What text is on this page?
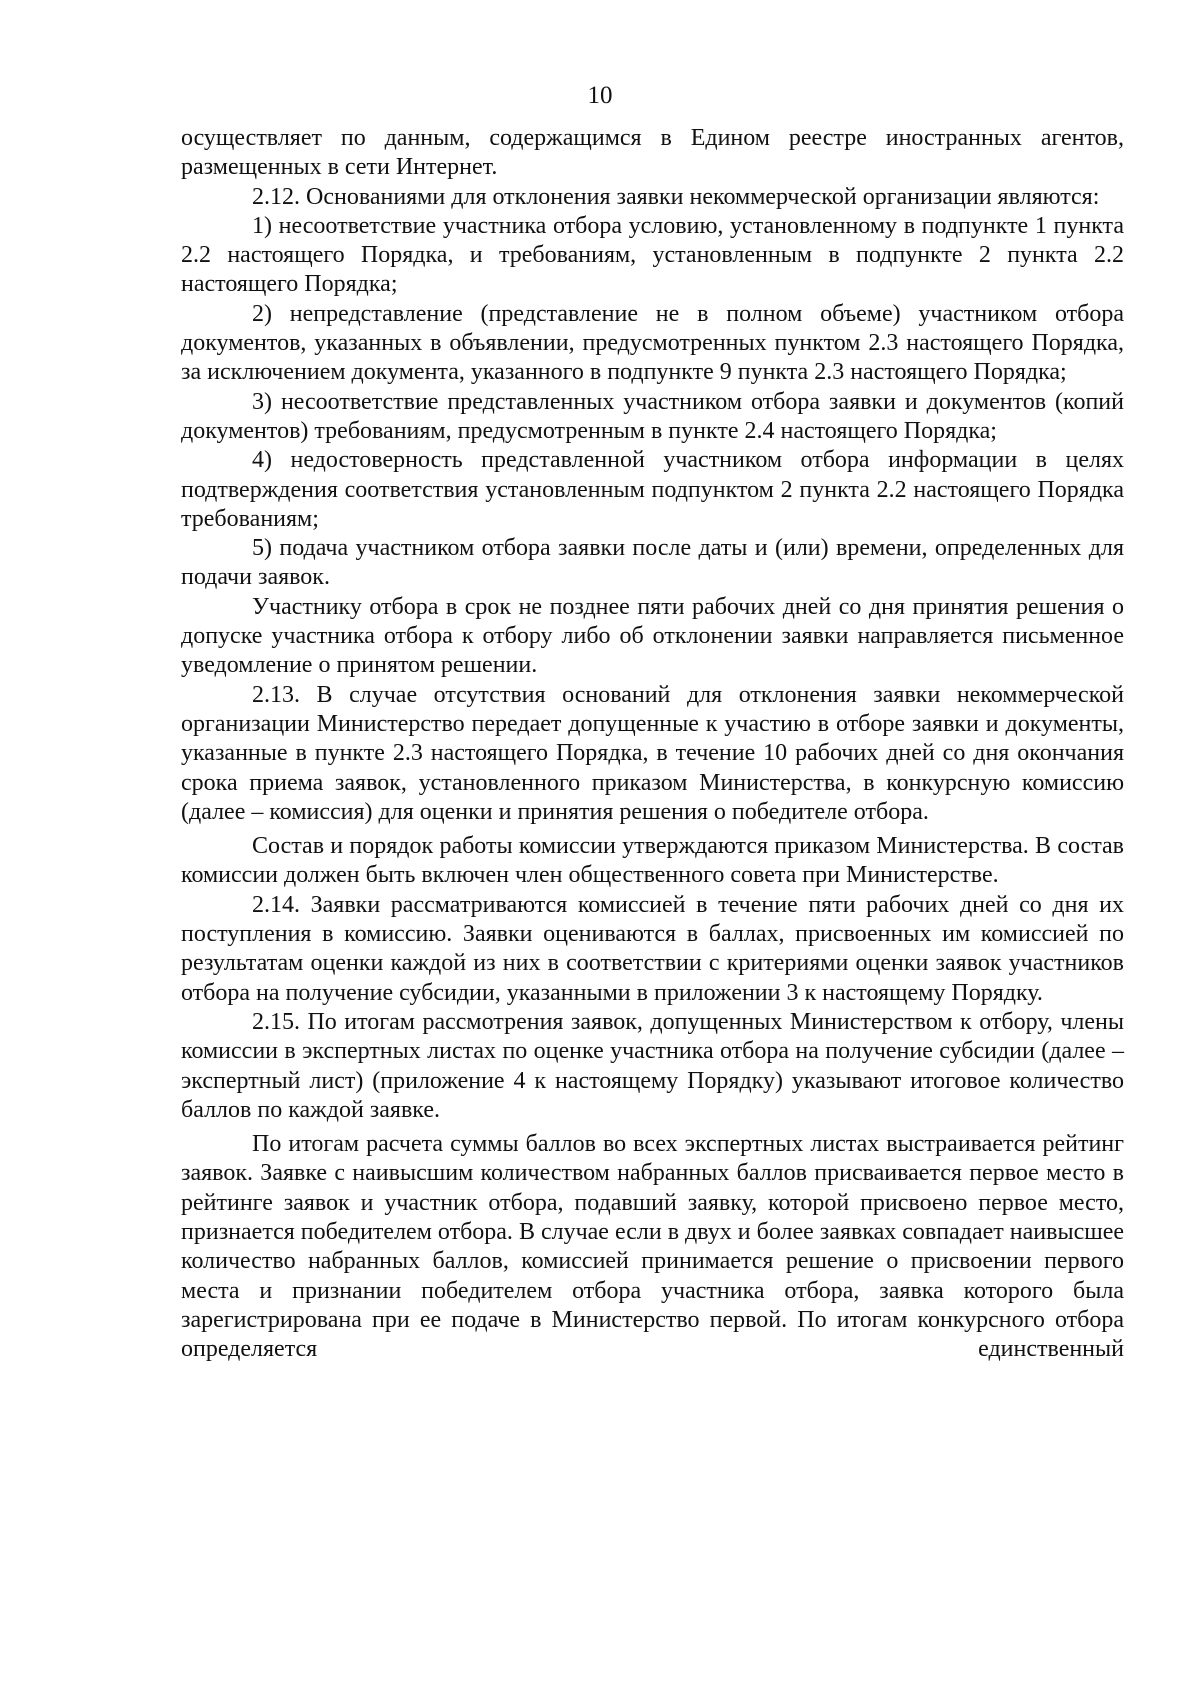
10

осуществляет по данным, содержащимся в Едином реестре иностранных агентов, размещенных в сети Интернет.

2.12. Основаниями для отклонения заявки некоммерческой организации являются:

1) несоответствие участника отбора условию, установленному в подпункте 1 пункта 2.2 настоящего Порядка, и требованиям, установленным в подпункте 2 пункта 2.2 настоящего Порядка;

2) непредставление (представление не в полном объеме) участником отбора документов, указанных в объявлении, предусмотренных пунктом 2.3 настоящего Порядка, за исключением документа, указанного в подпункте 9 пункта 2.3 настоящего Порядка;

3) несоответствие представленных участником отбора заявки и документов (копий документов) требованиям, предусмотренным в пункте 2.4 настоящего Порядка;

4) недостоверность представленной участником отбора информации в целях подтверждения соответствия установленным подпунктом 2 пункта 2.2 настоящего Порядка требованиям;

5) подача участником отбора заявки после даты и (или) времени, определенных для подачи заявок.

Участнику отбора в срок не позднее пяти рабочих дней со дня принятия решения о допуске участника отбора к отбору либо об отклонении заявки направляется письменное уведомление о принятом решении.

2.13. В случае отсутствия оснований для отклонения заявки некоммерческой организации Министерство передает допущенные к участию в отборе заявки и документы, указанные в пункте 2.3 настоящего Порядка, в течение 10 рабочих дней со дня окончания срока приема заявок, установленного приказом Министерства, в конкурсную комиссию (далее – комиссия) для оценки и принятия решения о победителе отбора.

Состав и порядок работы комиссии утверждаются приказом Министерства. В состав комиссии должен быть включен член общественного совета при Министерстве.

2.14. Заявки рассматриваются комиссией в течение пяти рабочих дней со дня их поступления в комиссию. Заявки оцениваются в баллах, присвоенных им комиссией по результатам оценки каждой из них в соответствии с критериями оценки заявок участников отбора на получение субсидии, указанными в приложении 3 к настоящему Порядку.

2.15. По итогам рассмотрения заявок, допущенных Министерством к отбору, члены комиссии в экспертных листах по оценке участника отбора на получение субсидии (далее – экспертный лист) (приложение 4 к настоящему Порядку) указывают итоговое количество баллов по каждой заявке.

По итогам расчета суммы баллов во всех экспертных листах выстраивается рейтинг заявок. Заявке с наивысшим количеством набранных баллов присваивается первое место в рейтинге заявок и участник отбора, подавший заявку, которой присвоено первое место, признается победителем отбора. В случае если в двух и более заявках совпадает наивысшее количество набранных баллов, комиссией принимается решение о присвоении первого места и признании победителем отбора участника отбора, заявка которого была зарегистрирована при ее подаче в Министерство первой. По итогам конкурсного отбора определяется единственный
